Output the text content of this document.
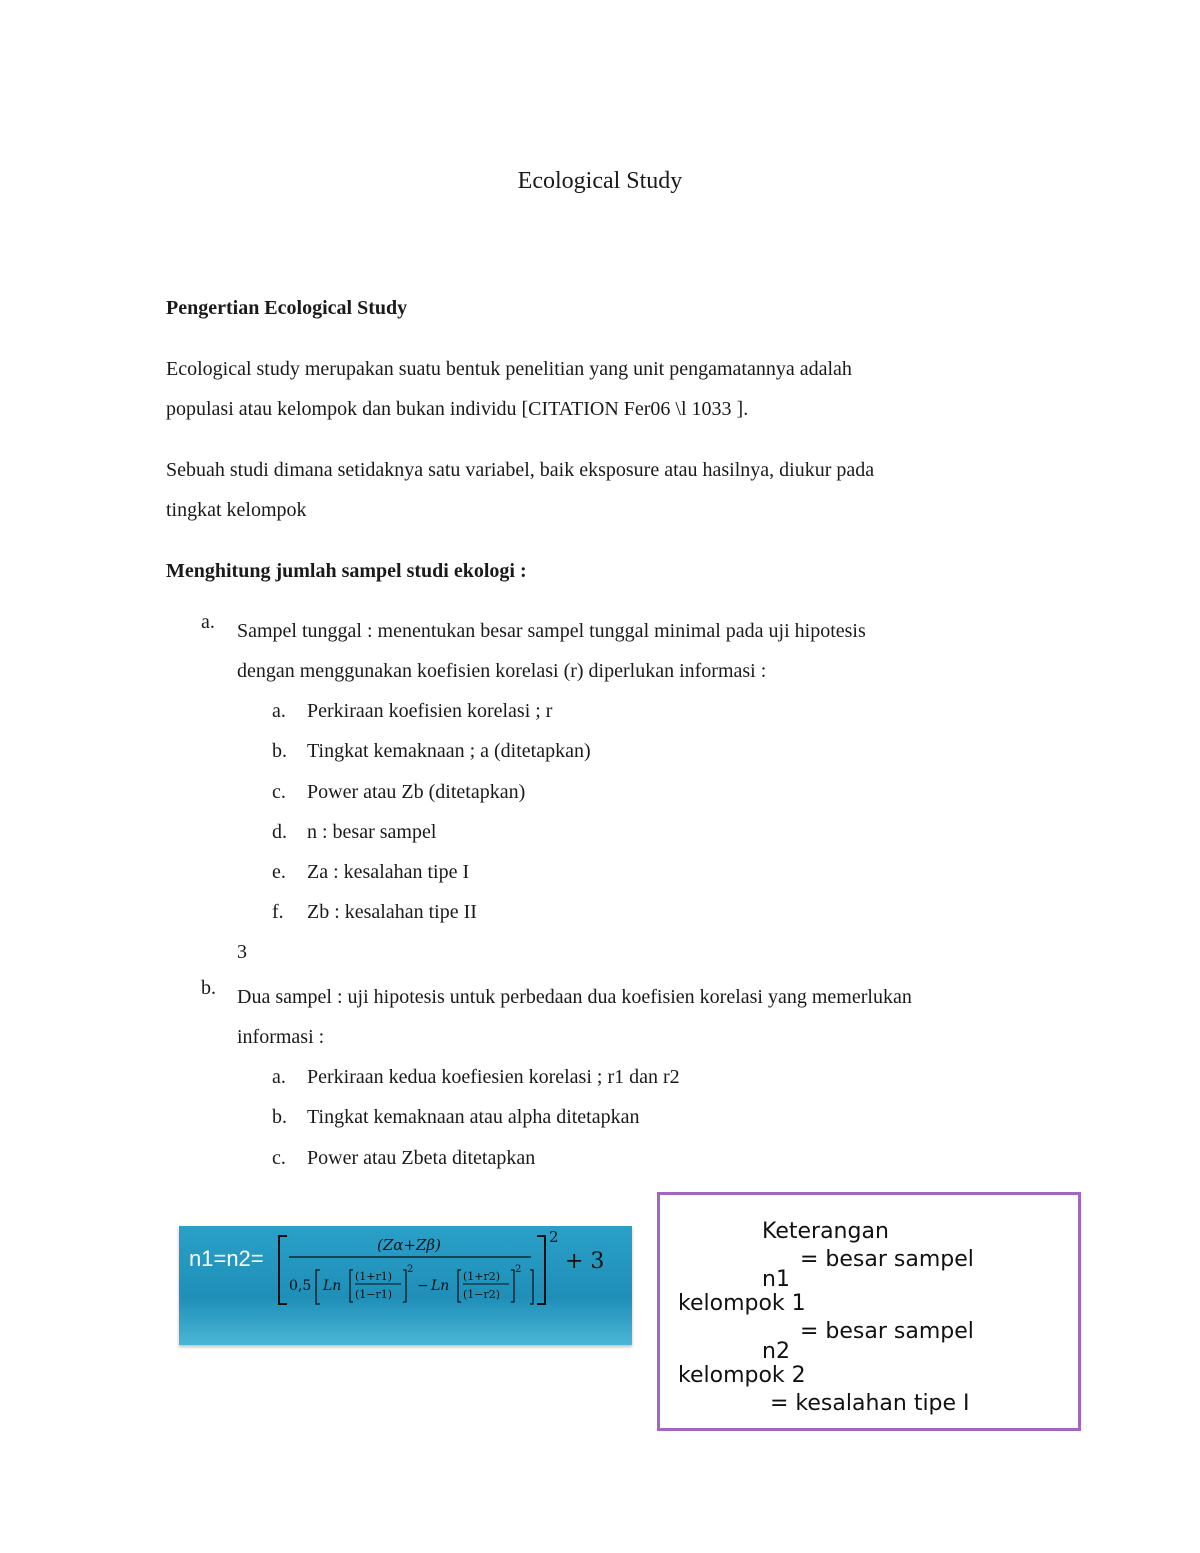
Ecological Study
Pengertian Ecological Study
Ecological study merupakan suatu bentuk penelitian yang unit pengamatannya adalah
populasi atau kelompok dan bukan individu [CITATION Fer06 \l 1033 ].
Sebuah studi dimana setidaknya satu variabel, baik eksposure atau hasilnya, diukur pada
tingkat kelompok
Menghitung jumlah sampel studi ekologi :
a. Sampel tunggal : menentukan besar sampel tunggal minimal pada uji hipotesis
dengan menggunakan koefisien korelasi (r) diperlukan informasi :
a. Perkiraan koefisien korelasi ; r
b. Tingkat kemaknaan ; a (ditetapkan)
c. Power atau Zb (ditetapkan)
d. n : besar sampel
e. Za : kesalahan tipe I
f. Zb : kesalahan tipe II
3
b. Dua sampel : uji hipotesis untuk perbedaan dua koefisien korelasi yang memerlukan
informasi :
a. Perkiraan kedua koefiesien korelasi ; r1 dan r2
b. Tingkat kemaknaan atau alpha ditetapkan
c. Power atau Zbeta ditetapkan
n1=n2=
(Zα+Zβ)
0,5 Ln
(1+r1)
(1−r1)
2
− Ln
(1+r2)
(1−r2)
2
2
+ 3
Keterangan
= besar sampel
n1
kelompok 1
= besar sampel
n2
kelompok 2
= kesalahan tipe I
